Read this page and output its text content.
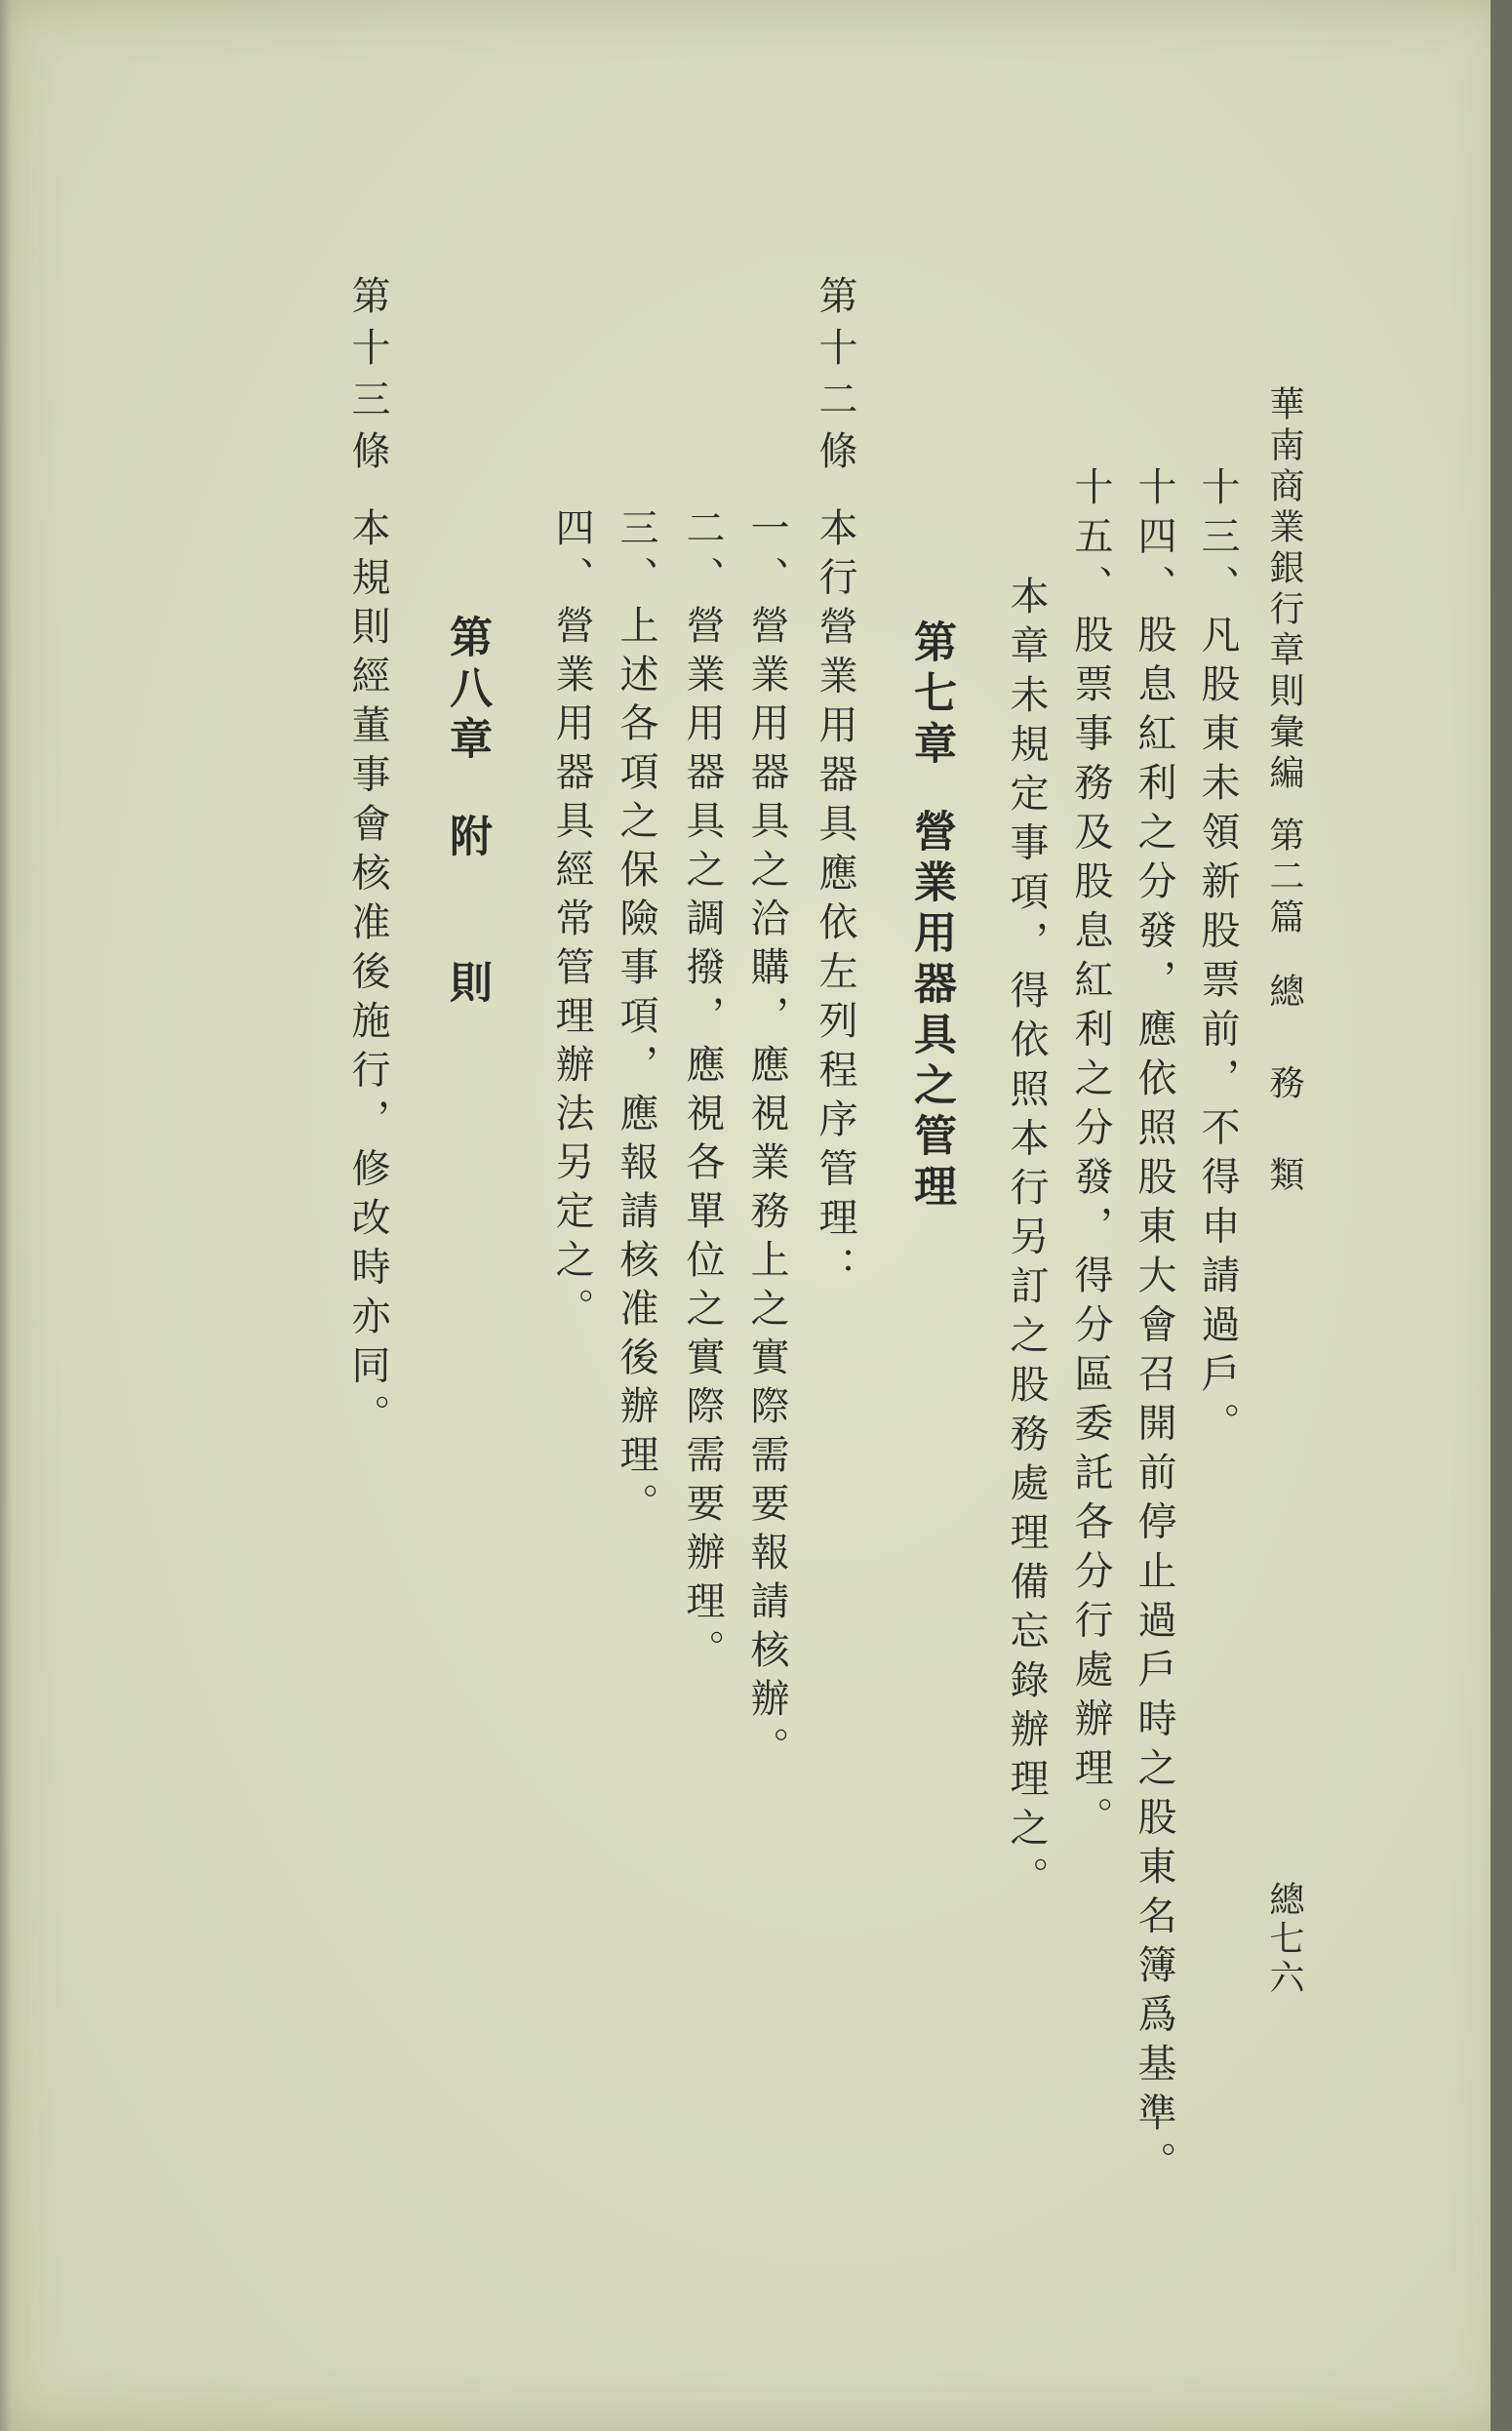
華南商業銀行章則彙編第二篇總務類
總七六
十三、凡股東未領新股票前，不得申請過戶。
十四、股息紅利之分發，應依照股東大會召開前停止過戶時之股東名簿爲基準。
十五、股票事務及股息紅利之分發，得分區委託各分行處辦理。
本章未規定事項，得依照本行另訂之股務處理備忘錄辦理之。
第七章營業用器具之管理
第十二條
本行營業用器具應依左列程序管理：
一、營業用器具之洽購，應視業務上之實際需要報請核辦。
二、營業用器具之調撥，應視各單位之實際需要辦理。
三、上述各項之保險事項，應報請核准後辦理。
四、營業用器具經常管理辦法另定之。
第八章附則
第十三條
本規則經董事會核准後施行，修改時亦同。
